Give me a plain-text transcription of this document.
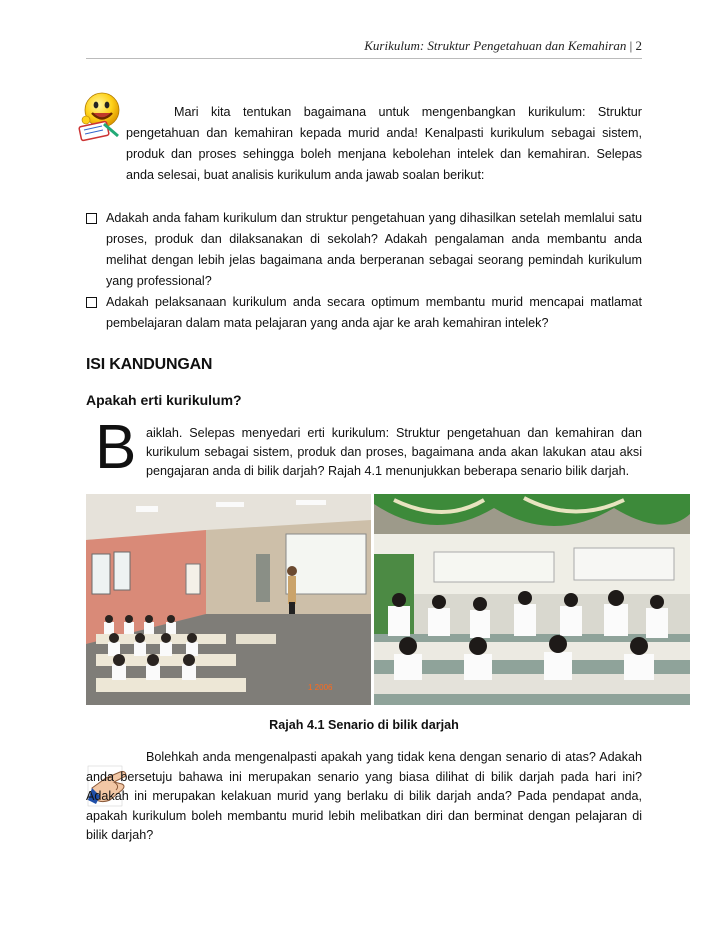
Kurikulum: Struktur Pengetahuan dan Kemahiran | 2
Mari kita tentukan bagaimana untuk mengenbangkan kurikulum: Struktur pengetahuan dan kemahiran kepada murid anda! Kenalpasti kurikulum sebagai sistem, produk dan proses sehingga boleh menjana kebolehan intelek dan kemahiran. Selepas anda selesai, buat analisis kurikulum anda jawab soalan berikut:
Adakah anda faham kurikulum dan struktur pengetahuan yang dihasilkan setelah memlalui satu proses, produk dan dilaksanakan di sekolah? Adakah pengalaman anda membantu anda melihat dengan lebih jelas bagaimana anda berperanan sebagai seorang pemindah kurikulum yang professional?
Adakah pelaksanaan kurikulum anda secara optimum membantu murid mencapai matlamat pembelajaran dalam mata pelajaran yang anda ajar ke arah kemahiran intelek?
ISI KANDUNGAN
Apakah erti kurikulum?
B aiklah. Selepas menyedari erti kurikulum: Struktur pengetahuan dan kemahiran dan kurikulum sebagai sistem, produk dan proses, bagaimana anda akan lakukan atau aksi pengajaran anda di bilik darjah? Rajah 4.1 menunjukkan beberapa senario bilik darjah.
1 2006
Rajah 4.1 Senario di bilik darjah
Bolehkah anda mengenalpasti apakah yang tidak kena dengan senario di atas? Adakah anda bersetuju bahawa ini merupakan senario yang biasa dilihat di bilik darjah pada hari ini? Adakah ini merupakan kelakuan murid yang berlaku di bilik darjah anda? Pada pendapat anda, apakah kurikulum boleh membantu murid lebih melibatkan diri dan berminat dengan pelajaran di bilik darjah?
